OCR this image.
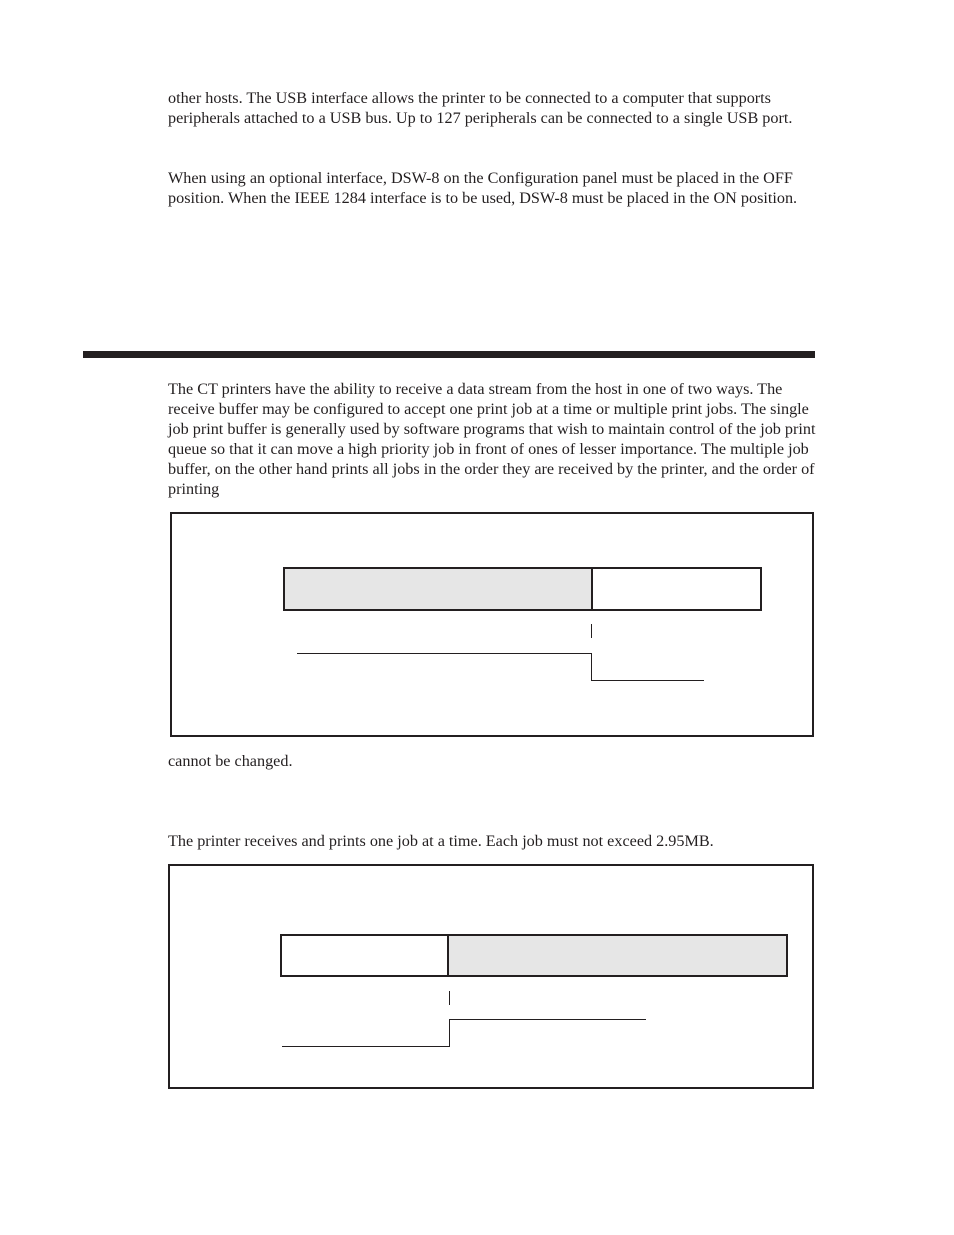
other hosts. The USB interface allows the printer to be connected to a computer that supports peripherals attached to a USB bus. Up to 127 peripherals can be connected to a single USB port.

When using an optional interface, DSW-8 on the Configuration panel must be placed in the OFF position. When the IEEE 1284 interface is to be used, DSW-8 must be placed in the ON position.

The CT printers have the ability to receive a data stream from the host in one of two ways. The receive buffer may be configured to accept one print job at a time or multiple print jobs. The single job print buffer is generally used by software programs that wish to maintain control of the job print queue so that it can move a high priority job in front of ones of lesser importance. The multiple job buffer, on the other hand prints all jobs in the order they are received by the printer, and the order of printing

cannot be changed.

The printer receives and prints one job at a time. Each job must not exceed 2.95MB.
